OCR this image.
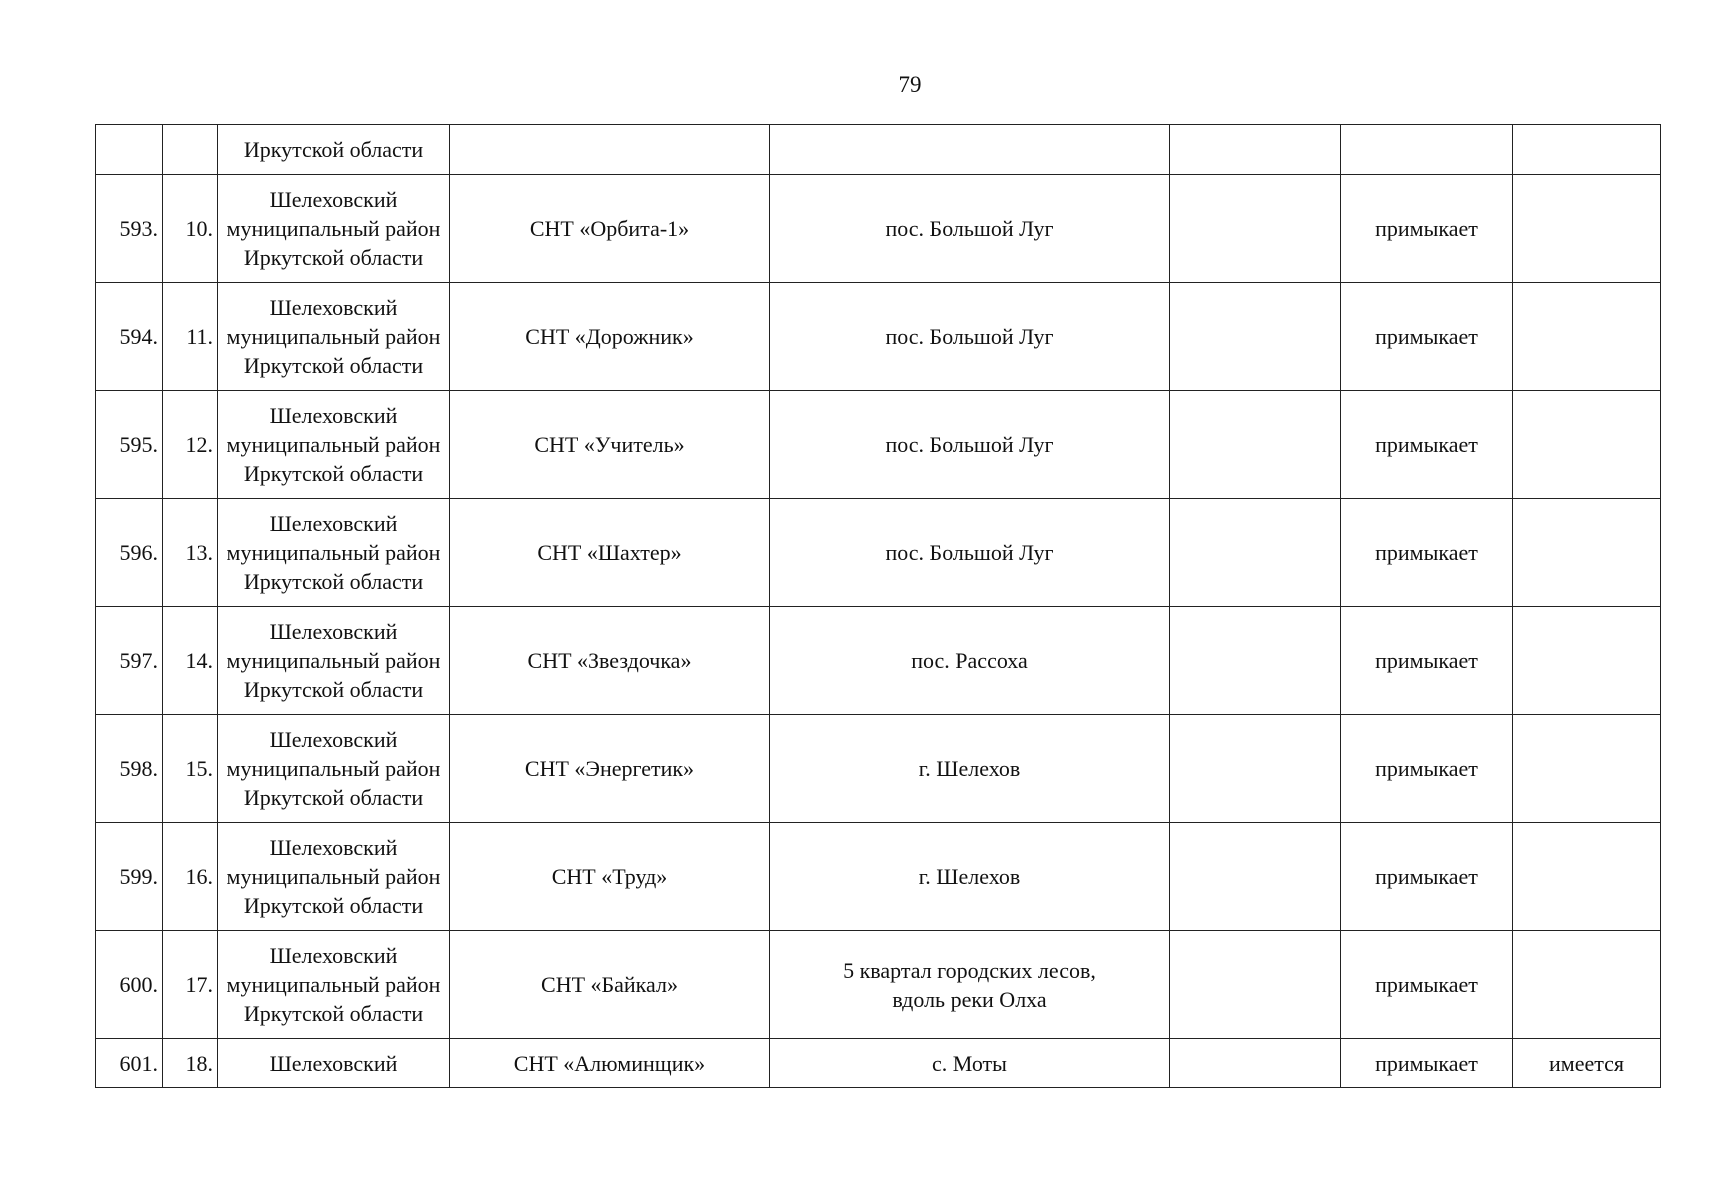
79
		Иркутской области					
593.	10.	Шелеховский
муниципальный район
Иркутской области	СНТ «Орбита-1»	пос. Большой Луг		примыкает	
594.	11.	Шелеховский
муниципальный район
Иркутской области	СНТ «Дорожник»	пос. Большой Луг		примыкает	
595.	12.	Шелеховский
муниципальный район
Иркутской области	СНТ «Учитель»	пос. Большой Луг		примыкает	
596.	13.	Шелеховский
муниципальный район
Иркутской области	СНТ «Шахтер»	пос. Большой Луг		примыкает	
597.	14.	Шелеховский
муниципальный район
Иркутской области	СНТ «Звездочка»	пос. Рассоха		примыкает	
598.	15.	Шелеховский
муниципальный район
Иркутской области	СНТ «Энергетик»	г. Шелехов		примыкает	
599.	16.	Шелеховский
муниципальный район
Иркутской области	СНТ «Труд»	г. Шелехов		примыкает	
600.	17.	Шелеховский
муниципальный район
Иркутской области	СНТ «Байкал»	5 квартал городских лесов,
вдоль реки Олха		примыкает	
601.	18.	Шелеховский	СНТ «Алюминщик»	с. Моты		примыкает	имеется
